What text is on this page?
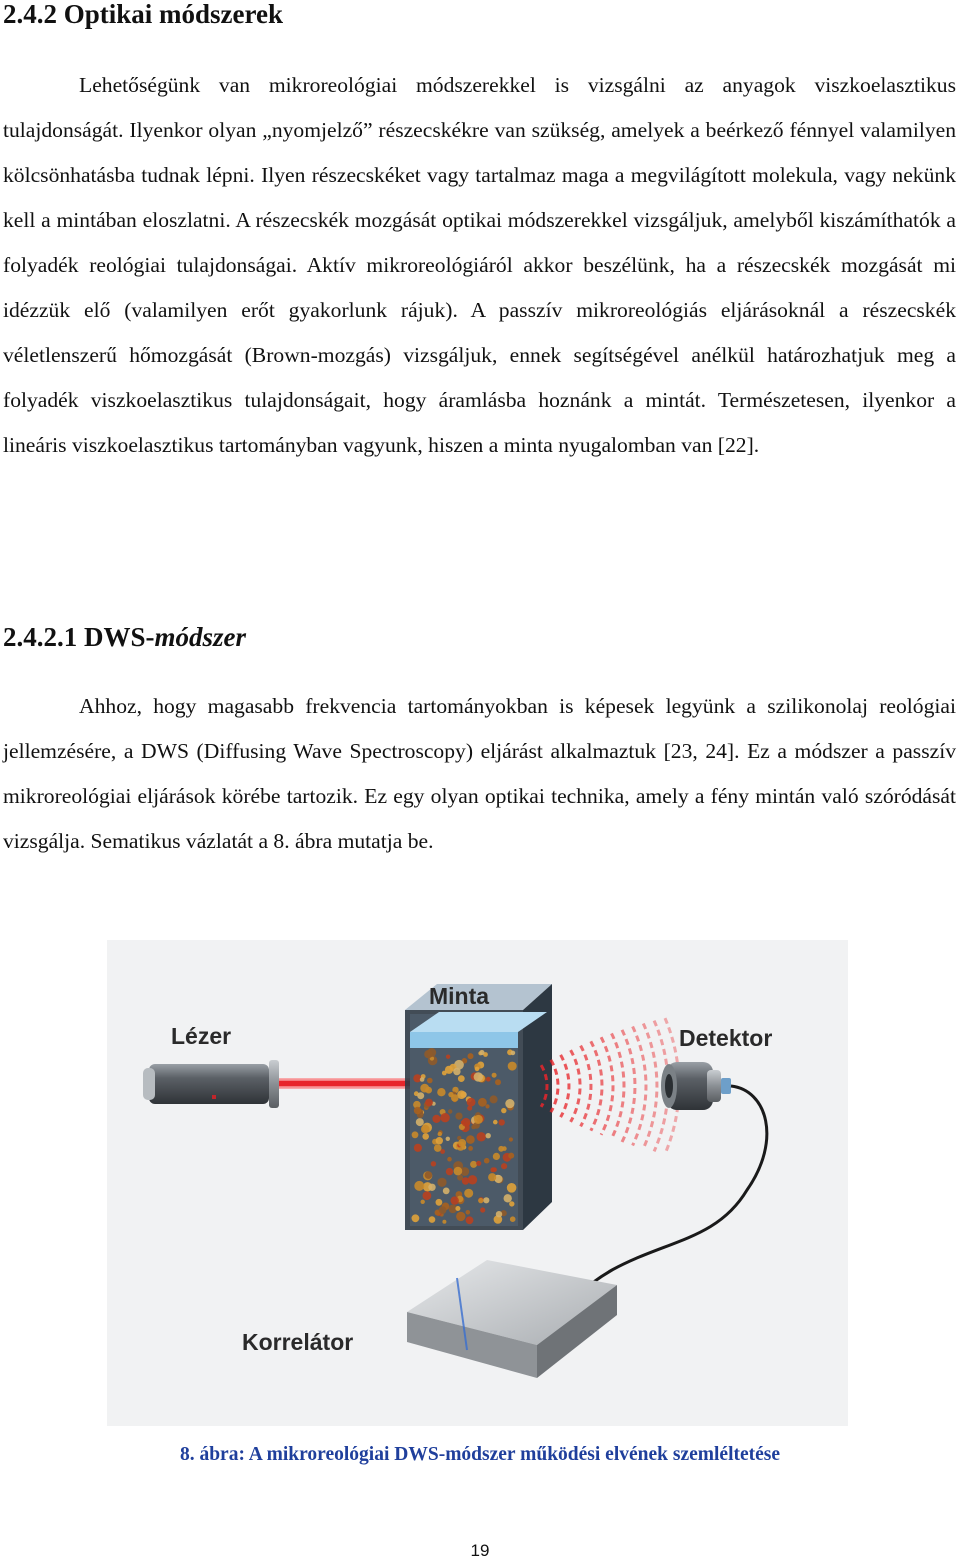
2.4.2 Optikai módszerek

Lehetőségünk van mikroreológiai módszerekkel is vizsgálni az anyagok viszkoelasztikus tulajdonságát. Ilyenkor olyan „nyomjelző” részecskékre van szükség, amelyek a beérkező fénnyel valamilyen kölcsönhatásba tudnak lépni. Ilyen részecskéket vagy tartalmaz maga a megvilágított molekula, vagy nekünk kell a mintában eloszlatni. A részecskék mozgását optikai módszerekkel vizsgáljuk, amelyből kiszámíthatók a folyadék reológiai tulajdonságai. Aktív mikroreológiáról akkor beszélünk, ha a részecskék mozgását mi idézzük elő (valamilyen erőt gyakorlunk rájuk). A passzív mikroreológiás eljárásoknál a részecskék véletlenszerű hőmozgását (Brown-mozgás) vizsgáljuk, ennek segítségével anélkül határozhatjuk meg a folyadék viszkoelasztikus tulajdonságait, hogy áramlásba hoznánk a mintát. Természetesen, ilyenkor a lineáris viszkoelasztikus tartományban vagyunk, hiszen a minta nyugalomban van [22].

2.4.2.1 DWS-módszer

Ahhoz, hogy magasabb frekvencia tartományokban is képesek legyünk a szilikonolaj reológiai jellemzésére, a DWS (Diffusing Wave Spectroscopy) eljárást alkalmaztuk [23, 24]. Ez a módszer a passzív mikroreológiai eljárások körébe tartozik. Ez egy olyan optikai technika, amely a fény mintán való szóródását vizsgálja. Sematikus vázlatát a 8. ábra mutatja be.

Minta
Lézer	Detektor
Korrelátor
8. ábra: A mikroreológiai DWS-módszer működési elvének szemléltetése
19
